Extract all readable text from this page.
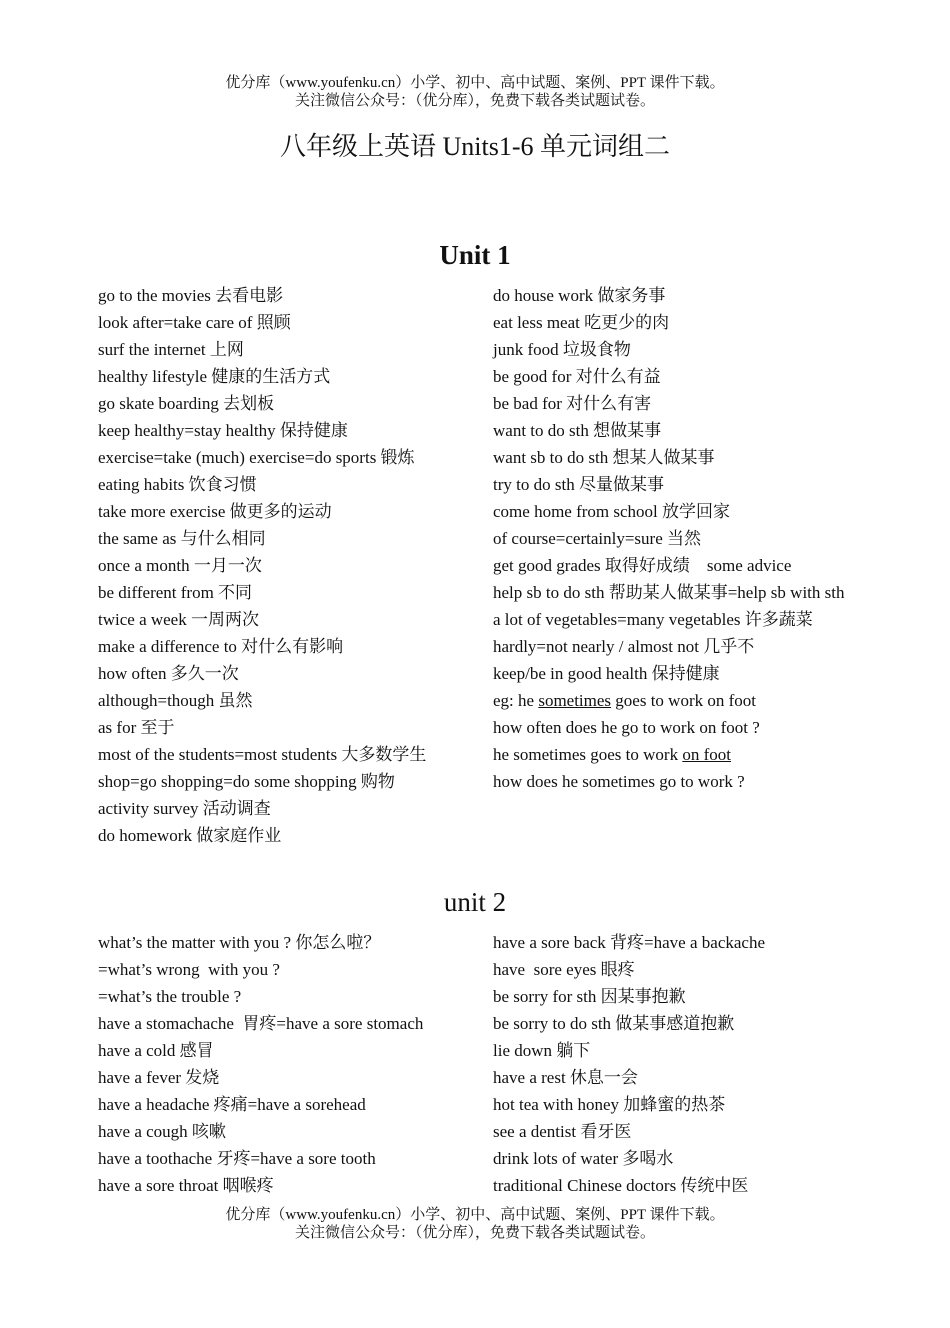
优分库（www.youfenku.cn）小学、初中、高中试题、案例、PPT 课件下载。
关注微信公众号：（优分库），免费下载各类试题试卷。
八年级上英语 Units1-6 单元词组二
Unit 1
go to the movies 去看电影
look after=take care of 照顾
surf the internet 上网
healthy lifestyle 健康的生活方式
go skate boarding 去划板
keep healthy=stay healthy 保持健康
exercise=take (much) exercise=do sports 锻炼
eating habits 饮食习惯
take more exercise 做更多的运动
the same as 与什么相同
once a month 一月一次
be different from 不同
twice a week 一周两次
make a difference to 对什么有影响
how often 多久一次
although=though 虽然
as for 至于
most of the students=most students 大多数学生
shop=go shopping=do some shopping 购物
activity survey 活动调查
do homework 做家庭作业
do house work 做家务事
eat less meat 吃更少的肉
junk food 垃圾食物
be good for 对什么有益
be bad for 对什么有害
want to do sth 想做某事
want sb to do sth 想某人做某事
try to do sth 尽量做某事
come home from school 放学回家
of course=certainly=sure 当然
get good grades 取得好成绩    some advice
help sb to do sth 帮助某人做某事=help sb with sth
a lot of vegetables=many vegetables 许多蔬菜
hardly=not nearly / almost not 几乎不
keep/be in good health 保持健康
eg: he sometimes goes to work on foot
how often does he go to work on foot ?
he sometimes goes to work on foot
how does he sometimes go to work ?
unit 2
what’s the matter with you ? 你怎么啦？
=what’s wrong  with you ?
=what’s the trouble ?
have a stomachache  胃疼=have a sore stomach
have a cold 感冒
have a fever 发烧
have a headache 疼痛=have a sorehead
have a cough 咳嗽
have a toothache 牙疼=have a sore tooth
have a sore throat 咽喉疼
have a sore back 背疼=have a backache
have  sore eyes 眼疼
be sorry for sth 因某事抱歉
be sorry to do sth 做某事感道抱歉
lie down 躺下
have a rest 休息一会
hot tea with honey 加蜂蜜的热茶
see a dentist 看牙医
drink lots of water 多喝水
traditional Chinese doctors 传统中医
优分库（www.youfenku.cn）小学、初中、高中试题、案例、PPT 课件下载。
关注微信公众号：（优分库），免费下载各类试题试卷。
